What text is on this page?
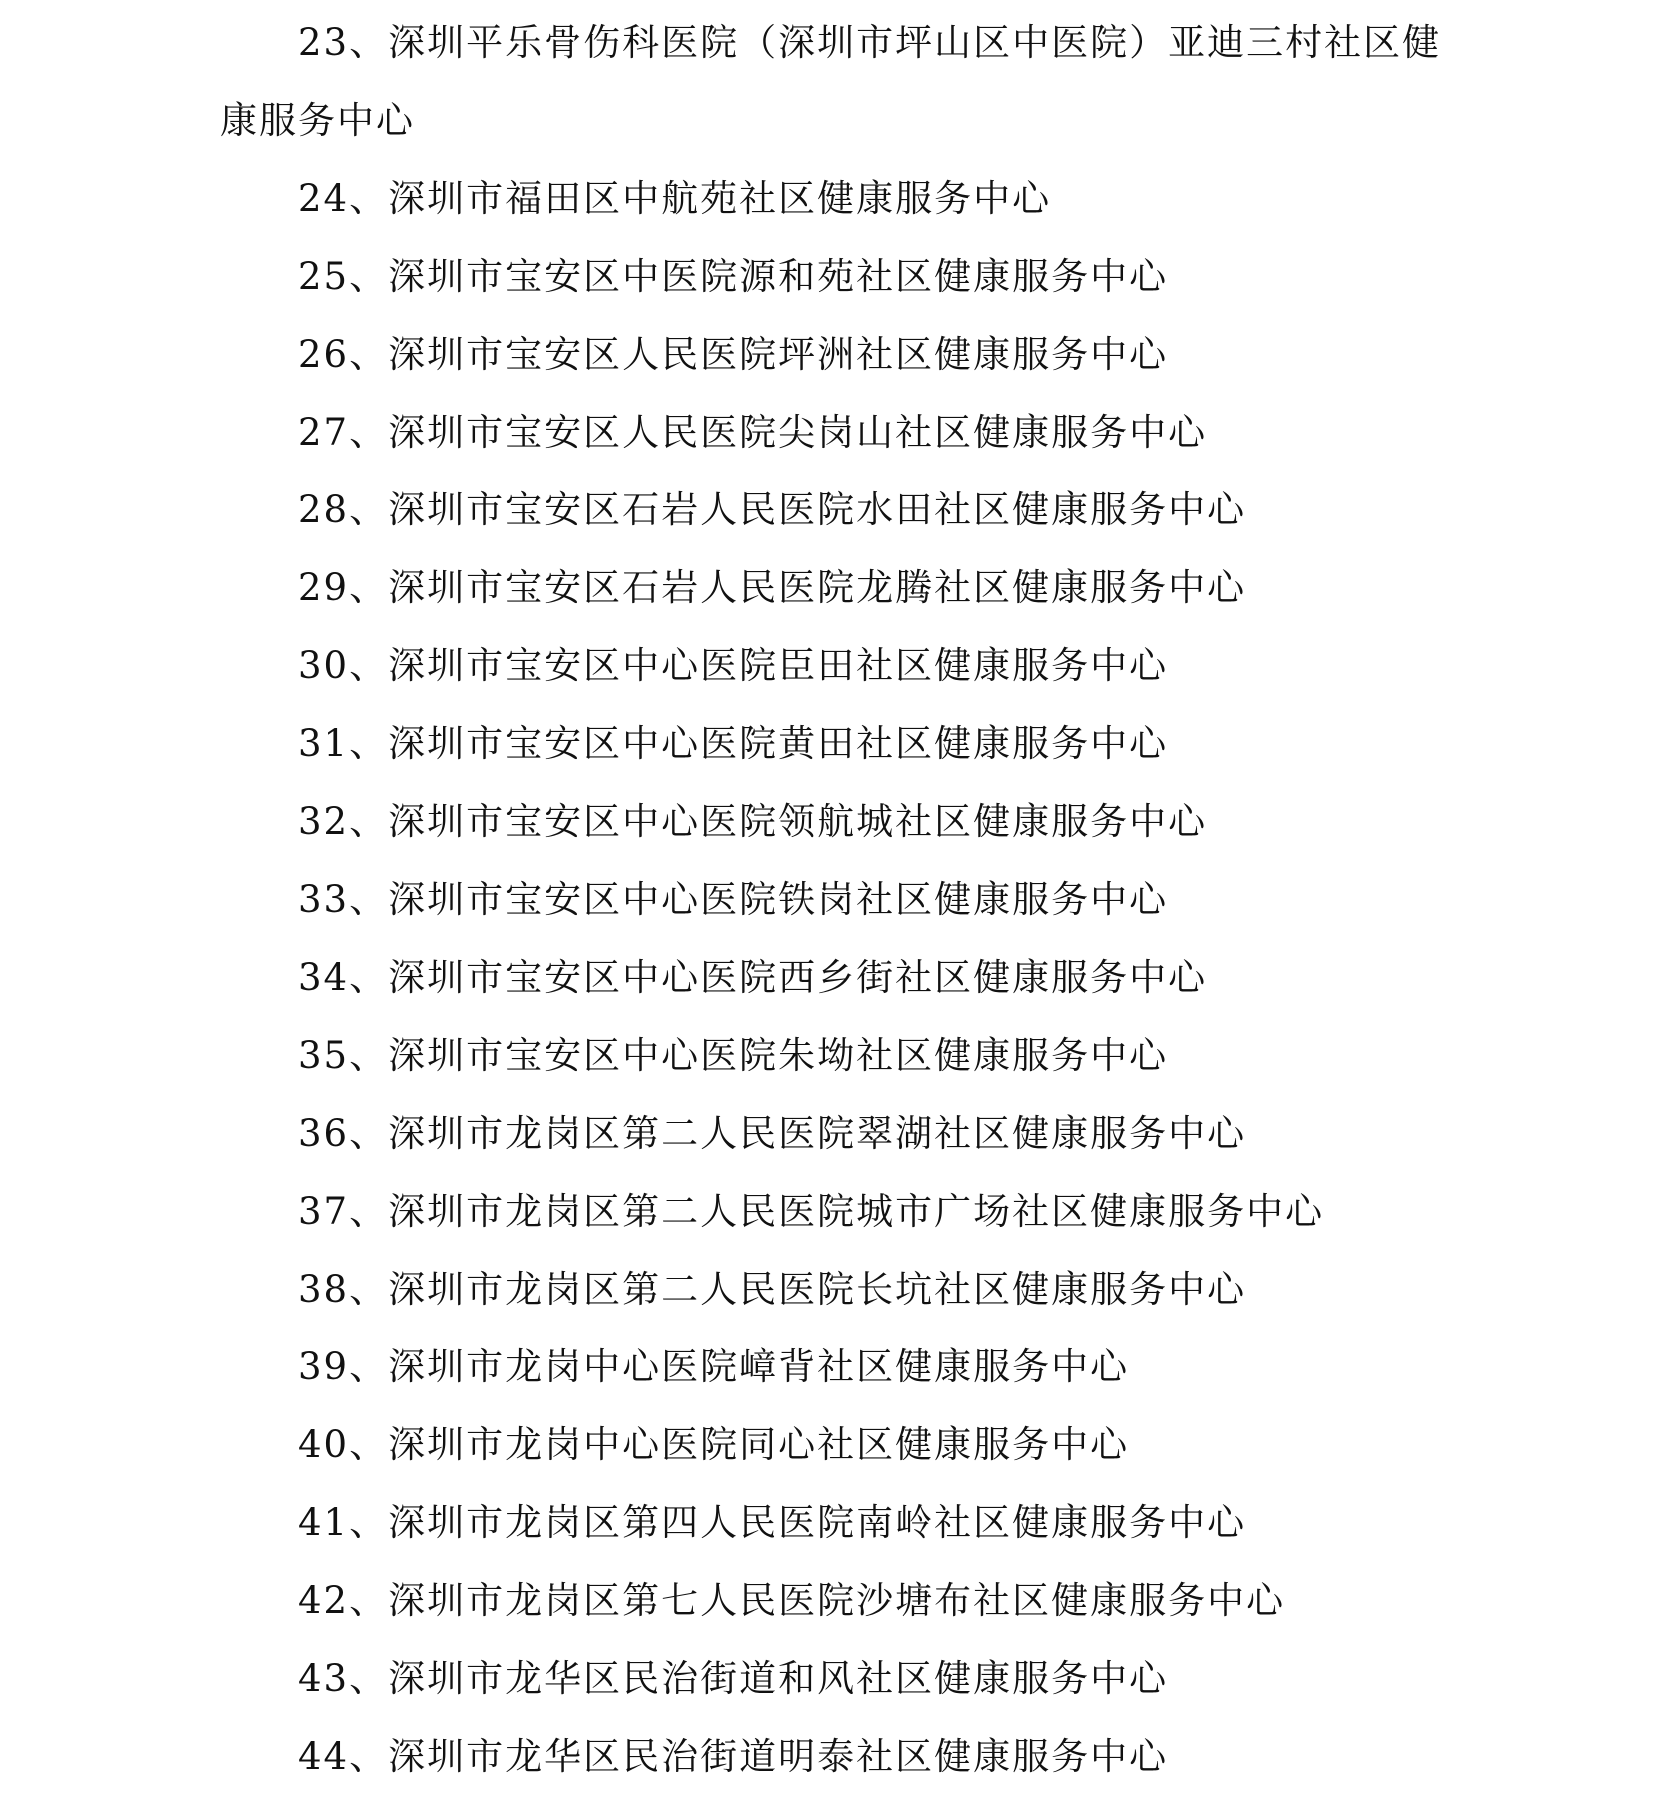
23、深圳平乐骨伤科医院（深圳市坪山区中医院）亚迪三村社区健康服务中心

24、深圳市福田区中航苑社区健康服务中心

25、深圳市宝安区中医院源和苑社区健康服务中心

26、深圳市宝安区人民医院坪洲社区健康服务中心

27、深圳市宝安区人民医院尖岗山社区健康服务中心

28、深圳市宝安区石岩人民医院水田社区健康服务中心

29、深圳市宝安区石岩人民医院龙腾社区健康服务中心

30、深圳市宝安区中心医院臣田社区健康服务中心

31、深圳市宝安区中心医院黄田社区健康服务中心

32、深圳市宝安区中心医院领航城社区健康服务中心

33、深圳市宝安区中心医院铁岗社区健康服务中心

34、深圳市宝安区中心医院西乡街社区健康服务中心

35、深圳市宝安区中心医院朱坳社区健康服务中心

36、深圳市龙岗区第二人民医院翠湖社区健康服务中心

37、深圳市龙岗区第二人民医院城市广场社区健康服务中心

38、深圳市龙岗区第二人民医院长坑社区健康服务中心

39、深圳市龙岗中心医院嶂背社区健康服务中心

40、深圳市龙岗中心医院同心社区健康服务中心

41、深圳市龙岗区第四人民医院南岭社区健康服务中心

42、深圳市龙岗区第七人民医院沙塘布社区健康服务中心

43、深圳市龙华区民治街道和风社区健康服务中心

44、深圳市龙华区民治街道明泰社区健康服务中心
